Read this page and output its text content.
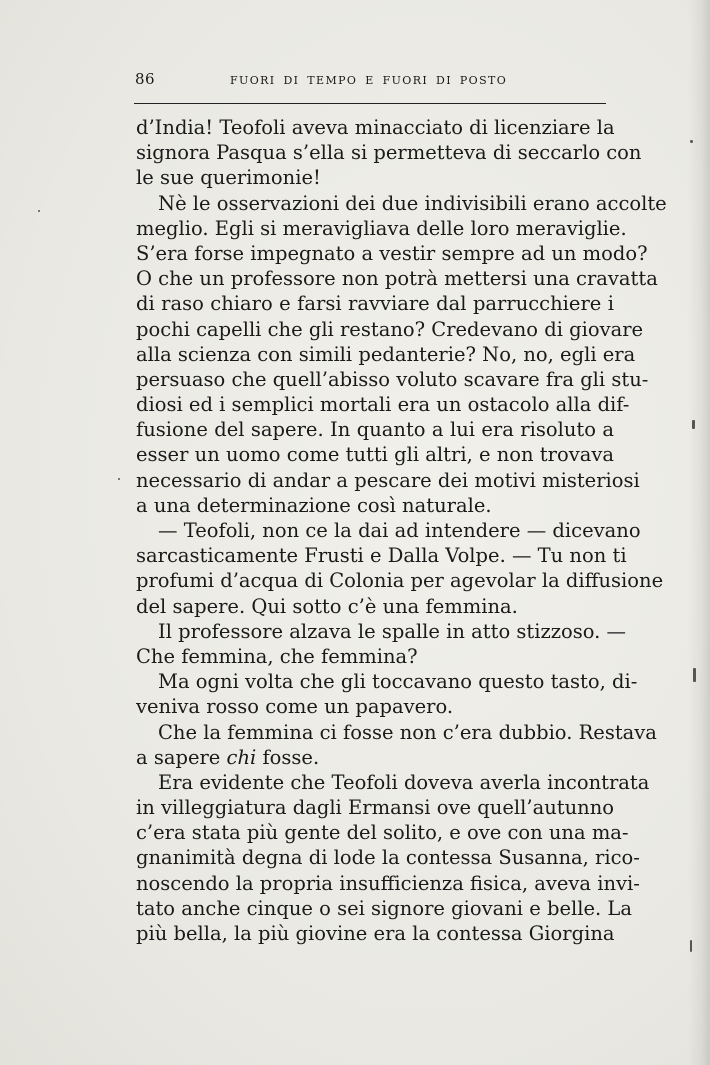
86	FUORI DI TEMPO E FUORI DI POSTO
d’India! Teofoli aveva minacciato di licenziare la
signora Pasqua s’ella si permetteva di seccarlo con
le sue querimonie!
Nè le osservazioni dei due indivisibili erano accolte
meglio. Egli si meravigliava delle loro meraviglie.
S’era forse impegnato a vestir sempre ad un modo?
O che un professore non potrà mettersi una cravatta
di raso chiaro e farsi ravviare dal parrucchiere i
pochi capelli che gli restano? Credevano di giovare
alla scienza con simili pedanterie? No, no, egli era
persuaso che quell’abisso voluto scavare fra gli stu-
diosi ed i semplici mortali era un ostacolo alla dif-
fusione del sapere. In quanto a lui era risoluto a
esser un uomo come tutti gli altri, e non trovava
necessario di andar a pescare dei motivi misteriosi
a una determinazione così naturale.
— Teofoli, non ce la dai ad intendere — dicevano
sarcasticamente Frusti e Dalla Volpe. — Tu non ti
profumi d’acqua di Colonia per agevolar la diffusione
del sapere. Qui sotto c’è una femmina.
Il professore alzava le spalle in atto stizzoso. —
Che femmina, che femmina?
Ma ogni volta che gli toccavano questo tasto, di-
veniva rosso come un papavero.
Che la femmina ci fosse non c’era dubbio. Restava
a sapere chi fosse.
Era evidente che Teofoli doveva averla incontrata
in villeggiatura dagli Ermansi ove quell’autunno
c’era stata più gente del solito, e ove con una ma-
gnanimità degna di lode la contessa Susanna, rico-
noscendo la propria insufficienza fisica, aveva invi-
tato anche cinque o sei signore giovani e belle. La
più bella, la più giovine era la contessa Giorgina
